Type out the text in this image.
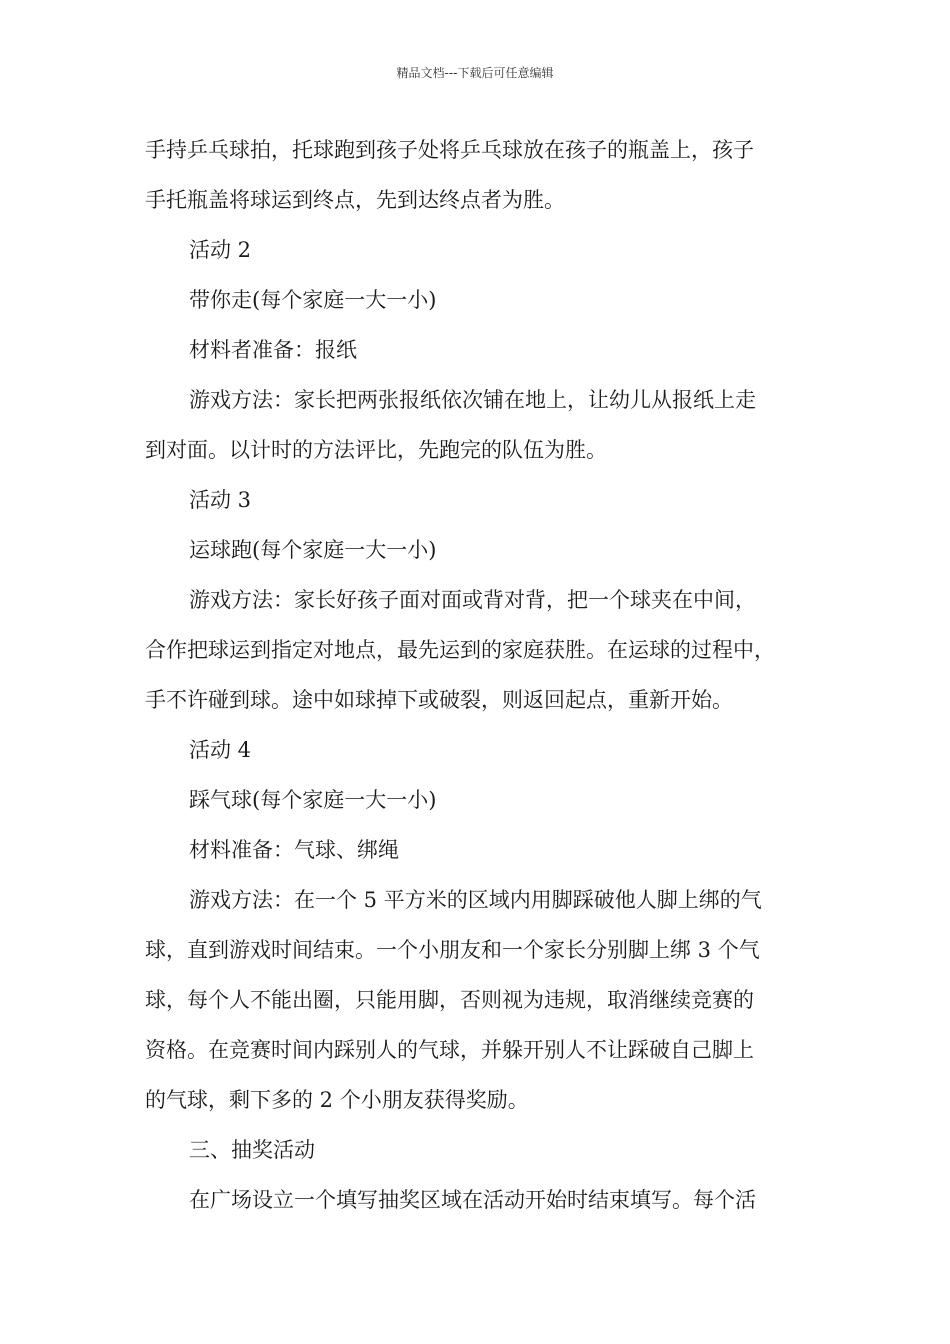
精品文档---下载后可任意编辑
手持乒乓球拍，托球跑到孩子处将乒乓球放在孩子的瓶盖上，孩子
手托瓶盖将球运到终点，先到达终点者为胜。
活动 2
带你走(每个家庭一大一小)
材料者准备：报纸
游戏方法：家长把两张报纸依次铺在地上，让幼儿从报纸上走
到对面。以计时的方法评比，先跑完的队伍为胜。
活动 3
运球跑(每个家庭一大一小)
游戏方法：家长好孩子面对面或背对背，把一个球夹在中间，
合作把球运到指定对地点，最先运到的家庭获胜。在运球的过程中，
手不许碰到球。途中如球掉下或破裂，则返回起点，重新开始。
活动 4
踩气球(每个家庭一大一小)
材料准备：气球、绑绳
游戏方法：在一个 5 平方米的区域内用脚踩破他人脚上绑的气
球，直到游戏时间结束。一个小朋友和一个家长分别脚上绑 3 个气
球，每个人不能出圈，只能用脚，否则视为违规，取消继续竞赛的
资格。在竞赛时间内踩别人的气球，并躲开别人不让踩破自己脚上
的气球，剩下多的 2 个小朋友获得奖励。
三、抽奖活动
在广场设立一个填写抽奖区域在活动开始时结束填写。每个活
